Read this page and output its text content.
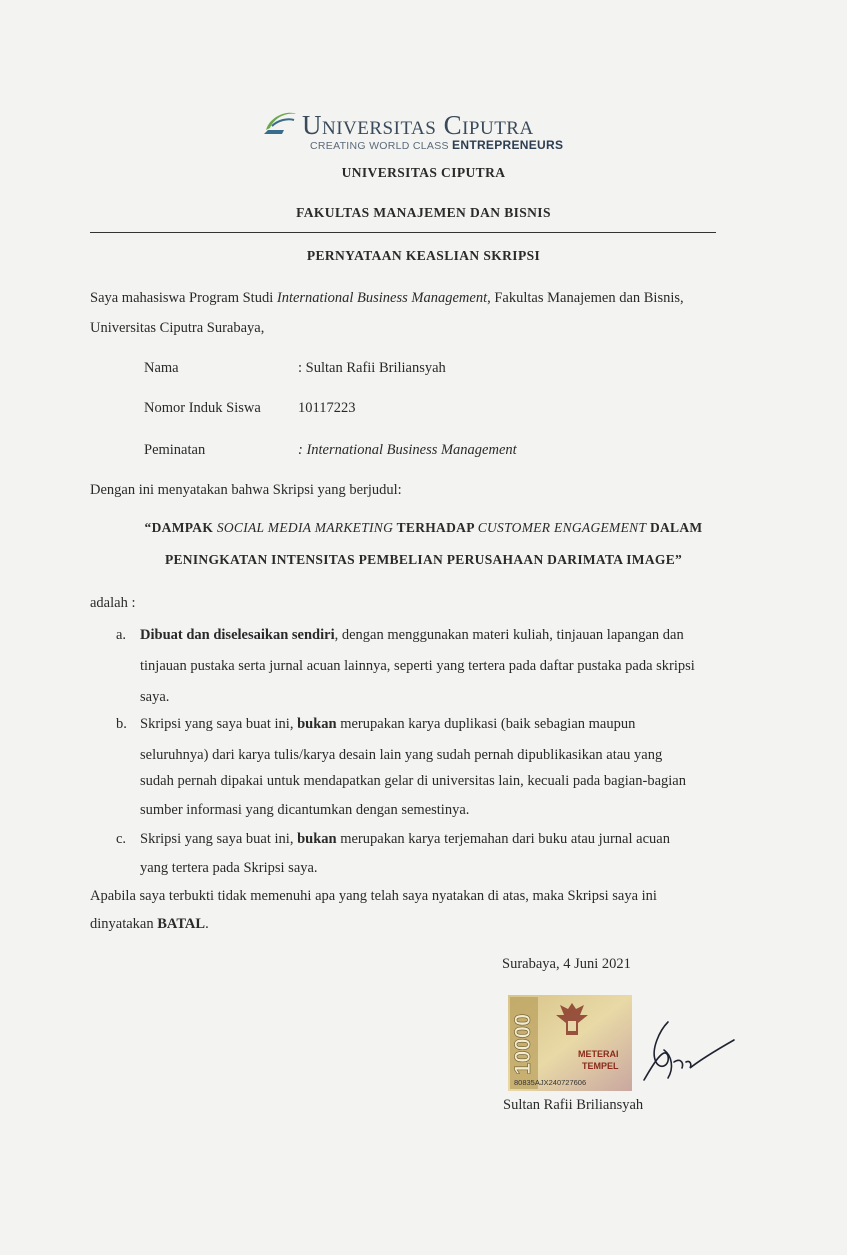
Universitas Ciputra
CREATING WORLD CLASS ENTREPRENEURS
UNIVERSITAS CIPUTRA
FAKULTAS MANAJEMEN DAN BISNIS
PERNYATAAN KEASLIAN SKRIPSI
Saya mahasiswa Program Studi International Business Management, Fakultas Manajemen dan Bisnis,
Universitas Ciputra Surabaya,
Nama	: Sultan Rafii Briliansyah
Nomor Induk Siswa	10117223
Peminatan	: International Business Management
Dengan ini menyatakan bahwa Skripsi yang berjudul:
“DAMPAK SOCIAL MEDIA MARKETING TERHADAP CUSTOMER ENGAGEMENT DALAM
PENINGKATAN INTENSITAS PEMBELIAN PERUSAHAAN DARIMATA IMAGE”
adalah :
a. Dibuat dan diselesaikan sendiri, dengan menggunakan materi kuliah, tinjauan lapangan dan
tinjauan pustaka serta jurnal acuan lainnya, seperti yang tertera pada daftar pustaka pada skripsi
saya.
b. Skripsi yang saya buat ini, bukan merupakan karya duplikasi (baik sebagian maupun
seluruhnya) dari karya tulis/karya desain lain yang sudah pernah dipublikasikan atau yang
sudah pernah dipakai untuk mendapatkan gelar di universitas lain, kecuali pada bagian-bagian
sumber informasi yang dicantumkan dengan semestinya.
c. Skripsi yang saya buat ini, bukan merupakan karya terjemahan dari buku atau jurnal acuan
yang tertera pada Skripsi saya.
Apabila saya terbukti tidak memenuhi apa yang telah saya nyatakan di atas, maka Skripsi saya ini
dinyatakan BATAL.
Surabaya, 4 Juni 2021
10000	METERAI
TEMPEL
80835AJX240727606
Sultan Rafii Briliansyah
